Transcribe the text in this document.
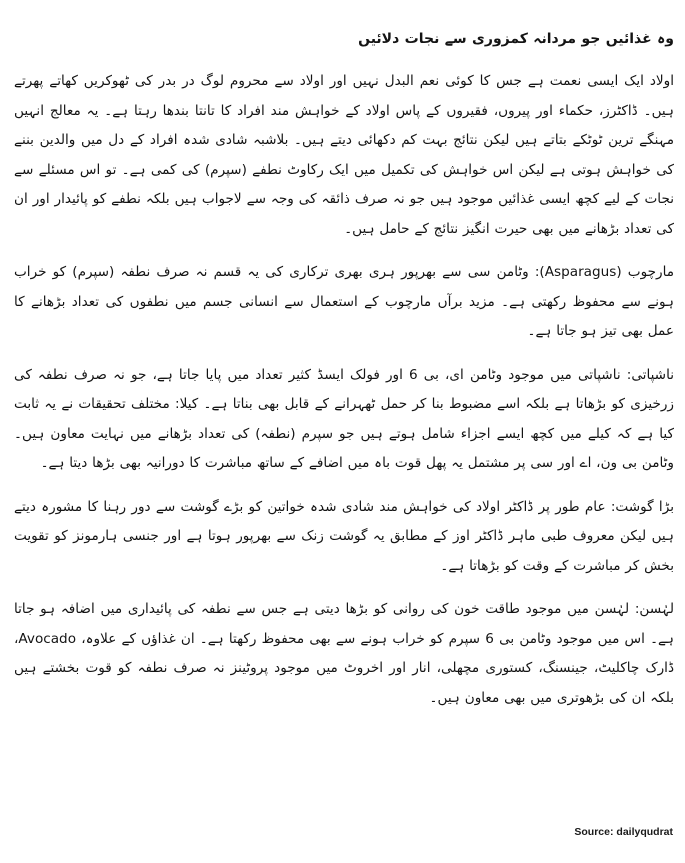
وہ غذائیں جو مردانہ کمزوری سے نجات دلائیں

اولاد ایک ایسی نعمت ہے جس کا کوئی نعم البدل نہیں اور اولاد سے محروم لوگ در بدر کی ٹھوکریں کھاتے پھرتے ہیں۔ ڈاکٹرز، حکماء اور پیروں، فقیروں کے پاس اولاد کے خواہش مند افراد کا تانتا بندھا رہتا ہے۔ یہ معالج انہیں مہنگے ترین ٹوٹکے بتاتے ہیں لیکن نتائج بہت کم دکھائی دیتے ہیں۔ بلاشبہ شادی شدہ افراد کے دل میں والدین بننے کی خواہش ہوتی ہے لیکن اس خواہش کی تکمیل میں ایک رکاوٹ نطفے (سپرم) کی کمی ہے۔ تو اس مسئلے سے نجات کے لیے کچھ ایسی غذائیں موجود ہیں جو نہ صرف ذائقہ کی وجہ سے لاجواب ہیں بلکہ نطفے کو پائیدار اور ان کی تعداد بڑھانے میں بھی حیرت انگیز نتائج کے حامل ہیں۔

مارچوب (Asparagus): وٹامن سی سے بھرپور ہری بھری ترکاری کی یہ قسم نہ صرف نطفہ (سپرم) کو خراب ہونے سے محفوظ رکھتی ہے۔ مزید برآں مارچوب کے استعمال سے انسانی جسم میں نطفوں کی تعداد بڑھانے کا عمل بھی تیز ہو جاتا ہے۔

ناشپاتی: ناشپاتی میں موجود وٹامن ای، بی 6 اور فولک ایسڈ کثیر تعداد میں پایا جاتا ہے، جو نہ صرف نطفہ کی زرخیزی کو بڑھاتا ہے بلکہ اسے مضبوط بنا کر حمل ٹھہرانے کے قابل بھی بناتا ہے۔ کیلا: مختلف تحقیقات نے یہ ثابت کیا ہے کہ کیلے میں کچھ ایسے اجزاء شامل ہوتے ہیں جو سپرم (نطفہ) کی تعداد بڑھانے میں نہایت معاون ہیں۔ وٹامن بی ون، اے اور سی پر مشتمل یہ پھل قوت باہ میں اضافے کے ساتھ مباشرت کا دورانیہ بھی بڑھا دیتا ہے۔

بڑا گوشت: عام طور پر ڈاکٹر اولاد کی خواہش مند شادی شدہ خواتین کو بڑے گوشت سے دور رہنا کا مشورہ دیتے ہیں لیکن معروف طبی ماہر ڈاکٹر اوز کے مطابق یہ گوشت زنک سے بھرپور ہوتا ہے اور جنسی ہارمونز کو تقویت بخش کر مباشرت کے وقت کو بڑھاتا ہے۔

لہٰسن: لہٰسن میں موجود طاقت خون کی روانی کو بڑھا دیتی ہے جس سے نطفہ کی پائیداری میں اضافہ ہو جاتا ہے۔ اس میں موجود وٹامن بی 6 سپرم کو خراب ہونے سے بھی محفوظ رکھتا ہے۔ ان غذاؤں کے علاوہ، Avocado، ڈارک چاکلیٹ، جینسنگ، کستوری مچھلی، انار اور اخروٹ میں موجود پروٹینز نہ صرف نطفہ کو قوت بخشتے ہیں بلکہ ان کی بڑھوتری میں بھی معاون ہیں۔

Source: dailyqudrat
